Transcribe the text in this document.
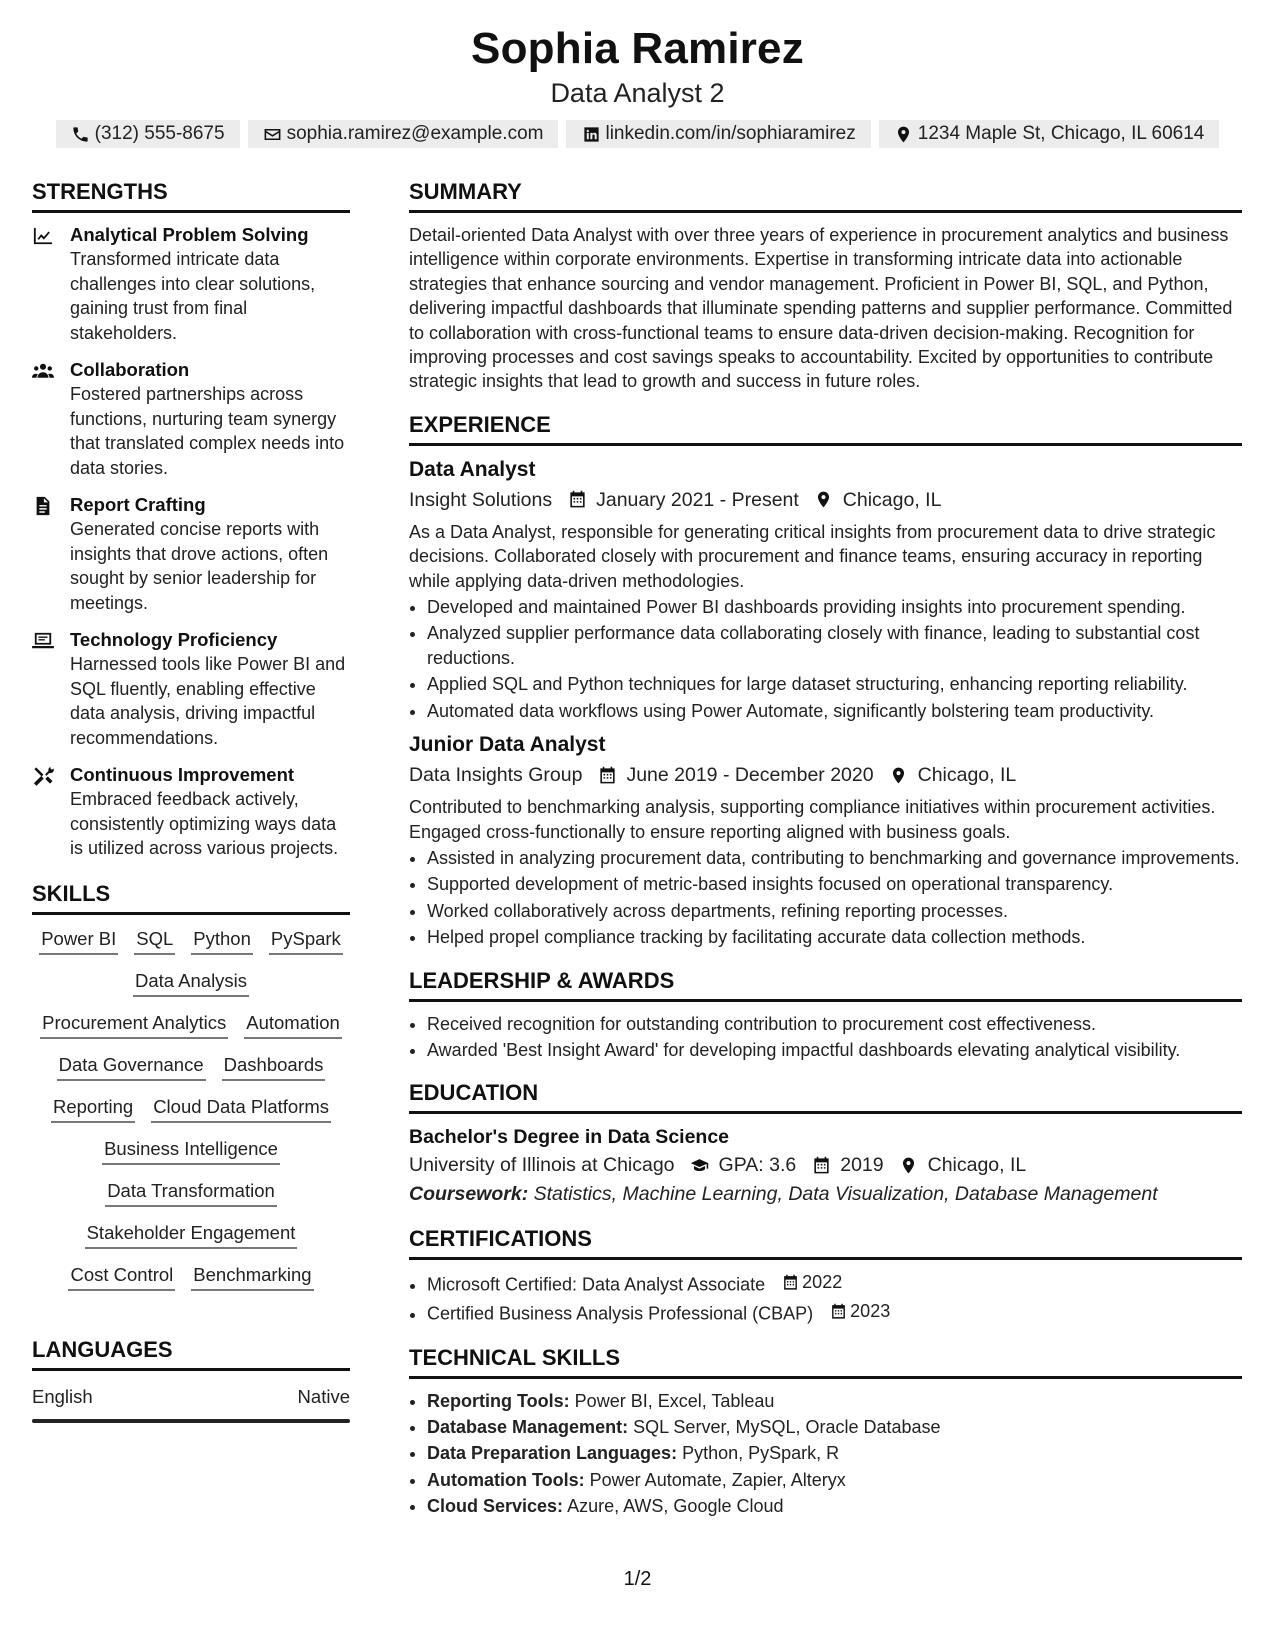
Sophia Ramirez
Data Analyst 2
(312) 555-8675	sophia.ramirez@example.com	linkedin.com/in/sophiaramirez	1234 Maple St, Chicago, IL 60614
STRENGTHS
Analytical Problem Solving
Transformed intricate data challenges into clear solutions, gaining trust from final stakeholders.
Collaboration
Fostered partnerships across functions, nurturing team synergy that translated complex needs into data stories.
Report Crafting
Generated concise reports with insights that drove actions, often sought by senior leadership for meetings.
Technology Proficiency
Harnessed tools like Power BI and SQL fluently, enabling effective data analysis, driving impactful recommendations.
Continuous Improvement
Embraced feedback actively, consistently optimizing ways data is utilized across various projects.
SKILLS
Power BI SQL Python PySpark
Data Analysis
Procurement Analytics Automation
Data Governance Dashboards
Reporting Cloud Data Platforms
Business Intelligence
Data Transformation
Stakeholder Engagement
Cost Control Benchmarking
LANGUAGES
English	Native
SUMMARY

Detail-oriented Data Analyst with over three years of experience in procurement analytics and business intelligence within corporate environments. Expertise in transforming intricate data into actionable strategies that enhance sourcing and vendor management. Proficient in Power BI, SQL, and Python, delivering impactful dashboards that illuminate spending patterns and supplier performance. Committed to collaboration with cross-functional teams to ensure data-driven decision-making. Recognition for improving processes and cost savings speaks to accountability. Excited by opportunities to contribute strategic insights that lead to growth and success in future roles.

EXPERIENCE
Data Analyst
Insight Solutions January 2021 - Present Chicago, IL

As a Data Analyst, responsible for generating critical insights from procurement data to drive strategic decisions. Collaborated closely with procurement and finance teams, ensuring accuracy in reporting while applying data-driven methodologies.

• Developed and maintained Power BI dashboards providing insights into procurement spending.
• Analyzed supplier performance data collaborating closely with finance, leading to substantial cost reductions.
• Applied SQL and Python techniques for large dataset structuring, enhancing reporting reliability.
• Automated data workflows using Power Automate, significantly bolstering team productivity.
Junior Data Analyst
Data Insights Group June 2019 - December 2020 Chicago, IL

Contributed to benchmarking analysis, supporting compliance initiatives within procurement activities. Engaged cross-functionally to ensure reporting aligned with business goals.

• Assisted in analyzing procurement data, contributing to benchmarking and governance improvements.
• Supported development of metric-based insights focused on operational transparency.
• Worked collaboratively across departments, refining reporting processes.
• Helped propel compliance tracking by facilitating accurate data collection methods.
LEADERSHIP & AWARDS
• Received recognition for outstanding contribution to procurement cost effectiveness.
• Awarded 'Best Insight Award' for developing impactful dashboards elevating analytical visibility.
EDUCATION
Bachelor's Degree in Data Science
University of Illinois at Chicago GPA: 3.6 2019 Chicago, IL
Coursework: Statistics, Machine Learning, Data Visualization, Database Management
CERTIFICATIONS
• Microsoft Certified: Data Analyst Associate 2022
• Certified Business Analysis Professional (CBAP) 2023
TECHNICAL SKILLS
• Reporting Tools: Power BI, Excel, Tableau
• Database Management: SQL Server, MySQL, Oracle Database
• Data Preparation Languages: Python, PySpark, R
• Automation Tools: Power Automate, Zapier, Alteryx
• Cloud Services: Azure, AWS, Google Cloud
1/2
